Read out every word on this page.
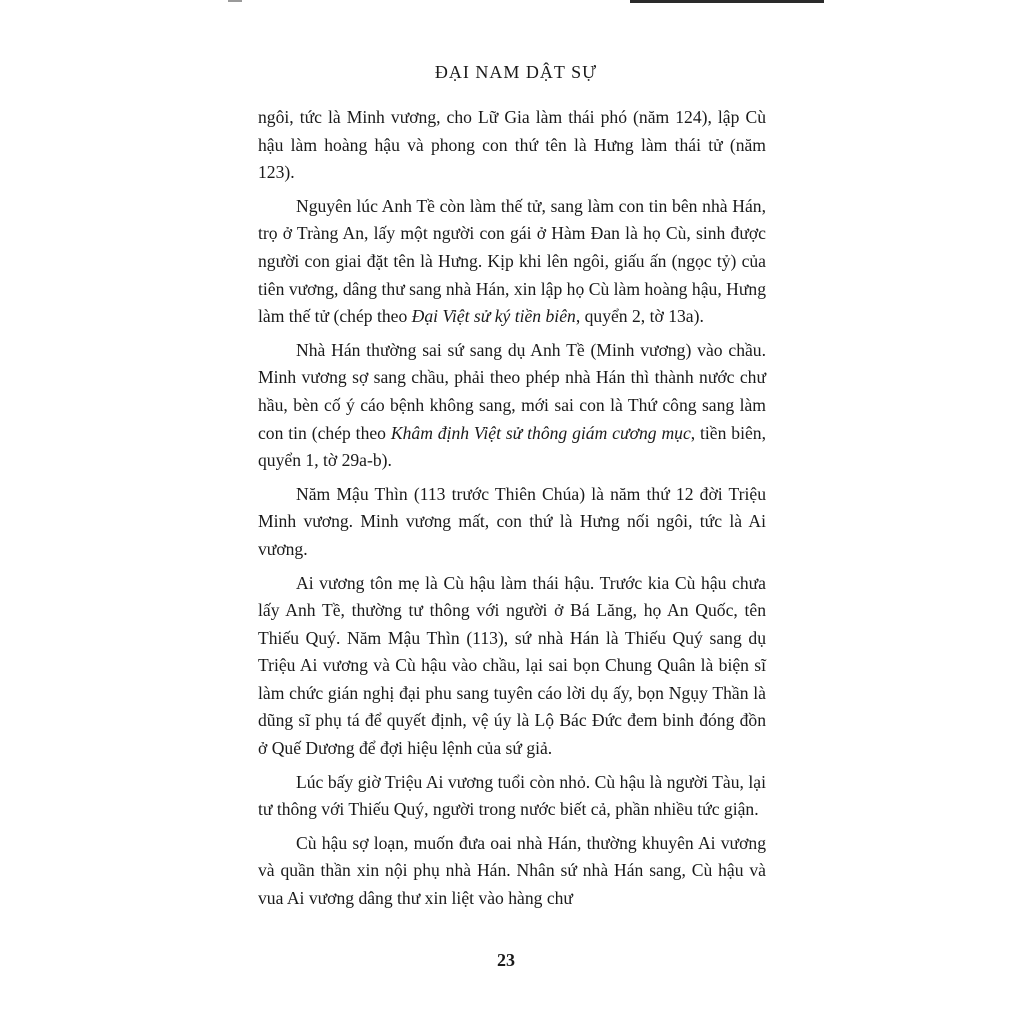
ĐẠI NAM DẬT SỰ

ngôi, tức là Minh vương, cho Lữ Gia làm thái phó (năm 124), lập Cù hậu làm hoàng hậu và phong con thứ tên là Hưng làm thái tử (năm 123).

Nguyên lúc Anh Tề còn làm thế tử, sang làm con tin bên nhà Hán, trọ ở Tràng An, lấy một người con gái ở Hàm Đan là họ Cù, sinh được người con giai đặt tên là Hưng. Kịp khi lên ngôi, giấu ấn (ngọc tỷ) của tiên vương, dâng thư sang nhà Hán, xin lập họ Cù làm hoàng hậu, Hưng làm thế tử (chép theo Đại Việt sử ký tiền biên, quyển 2, tờ 13a).

Nhà Hán thường sai sứ sang dụ Anh Tề (Minh vương) vào chầu. Minh vương sợ sang chầu, phải theo phép nhà Hán thì thành nước chư hầu, bèn cố ý cáo bệnh không sang, mới sai con là Thứ công sang làm con tin (chép theo Khâm định Việt sử thông giám cương mục, tiền biên, quyển 1, tờ 29a-b).

Năm Mậu Thìn (113 trước Thiên Chúa) là năm thứ 12 đời Triệu Minh vương. Minh vương mất, con thứ là Hưng nối ngôi, tức là Ai vương.

Ai vương tôn mẹ là Cù hậu làm thái hậu. Trước kia Cù hậu chưa lấy Anh Tề, thường tư thông với người ở Bá Lăng, họ An Quốc, tên Thiếu Quý. Năm Mậu Thìn (113), sứ nhà Hán là Thiếu Quý sang dụ Triệu Ai vương và Cù hậu vào chầu, lại sai bọn Chung Quân là biện sĩ làm chức gián nghị đại phu sang tuyên cáo lời dụ ấy, bọn Ngụy Thần là dũng sĩ phụ tá để quyết định, vệ úy là Lộ Bác Đức đem binh đóng đồn ở Quế Dương để đợi hiệu lệnh của sứ giả.

Lúc bấy giờ Triệu Ai vương tuổi còn nhỏ. Cù hậu là người Tàu, lại tư thông với Thiếu Quý, người trong nước biết cả, phần nhiều tức giận.

Cù hậu sợ loạn, muốn đưa oai nhà Hán, thường khuyên Ai vương và quần thần xin nội phụ nhà Hán. Nhân sứ nhà Hán sang, Cù hậu và vua Ai vương dâng thư xin liệt vào hàng chư

23
